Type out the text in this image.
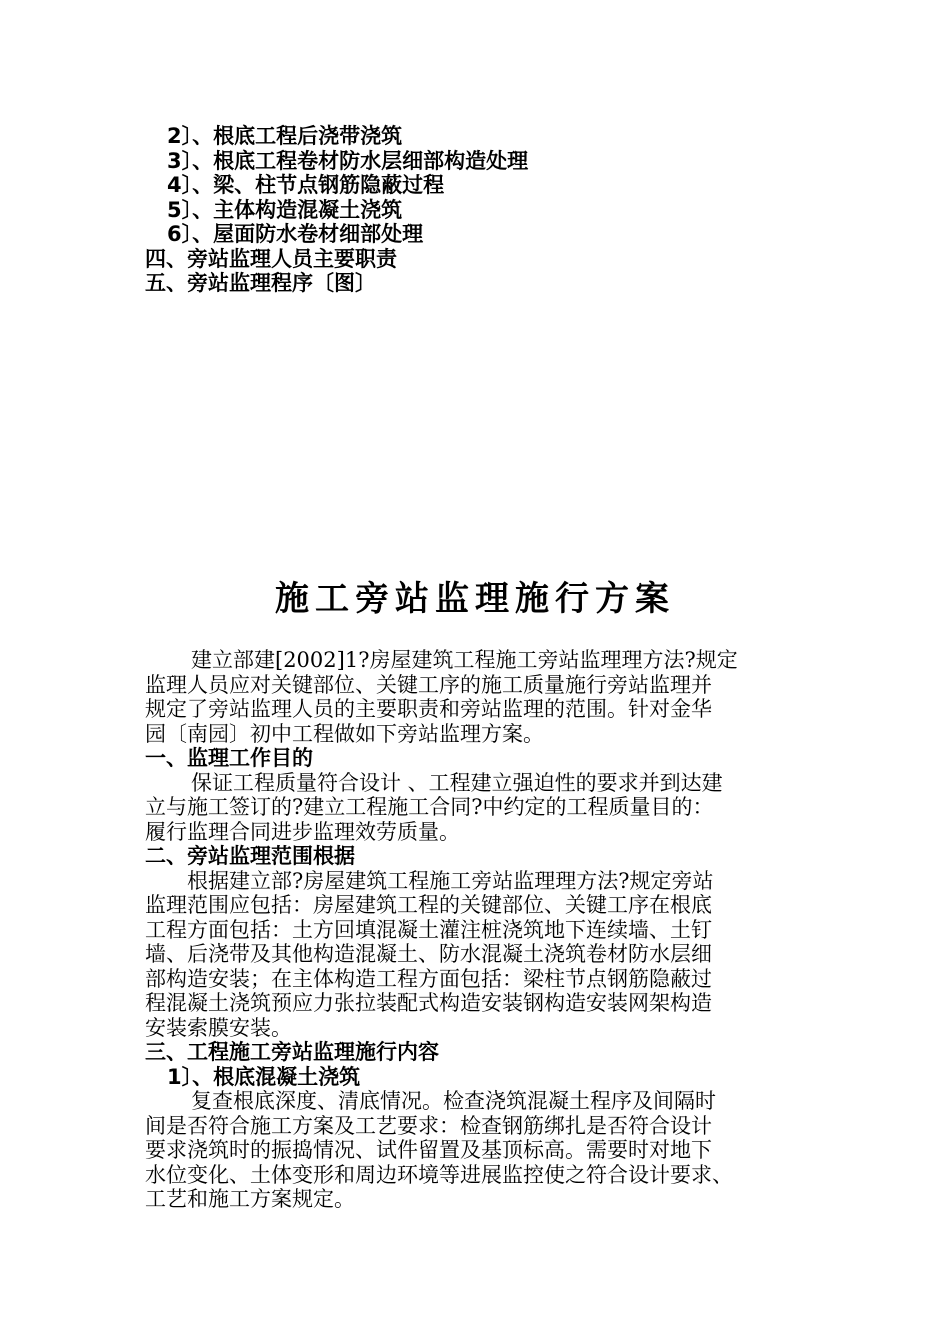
2〕、根底工程后浇带浇筑
3〕、根底工程卷材防水层细部构造处理
4〕、梁、柱节点钢筋隐蔽过程
5〕、主体构造混凝土浇筑
6〕、屋面防水卷材细部处理
四、旁站监理人员主要职责
五、旁站监理程序〔图〕
施工旁站监理施行方案
建立部建[2002]1?房屋建筑工程施工旁站监理理方法?规定
监理人员应对关键部位、关键工序的施工质量施行旁站监理并
规定了旁站监理人员的主要职责和旁站监理的范围。针对金华
园〔南园〕初中工程做如下旁站监理方案。
一、监理工作目的
保证工程质量符合设计 、工程建立强迫性的要求并到达建
立与施工签订的?建立工程施工合同?中约定的工程质量目的：
履行监理合同进步监理效劳质量。
二、旁站监理范围根据
根据建立部?房屋建筑工程施工旁站监理理方法?规定旁站
监理范围应包括：房屋建筑工程的关键部位、关键工序在根底
工程方面包括：土方回填混凝土灌注桩浇筑地下连续墙、土钉
墙、后浇带及其他构造混凝土、防水混凝土浇筑卷材防水层细
部构造安装；在主体构造工程方面包括：梁柱节点钢筋隐蔽过
程混凝土浇筑预应力张拉装配式构造安装钢构造安装网架构造
安装索膜安装。
三、工程施工旁站监理施行内容
1〕、根底混凝土浇筑
复查根底深度、清底情况。检查浇筑混凝土程序及间隔时
间是否符合施工方案及工艺要求：检查钢筋绑扎是否符合设计
要求浇筑时的振捣情况、试件留置及基顶标高。需要时对地下
水位变化、土体变形和周边环境等进展监控使之符合设计要求、
工艺和施工方案规定。
